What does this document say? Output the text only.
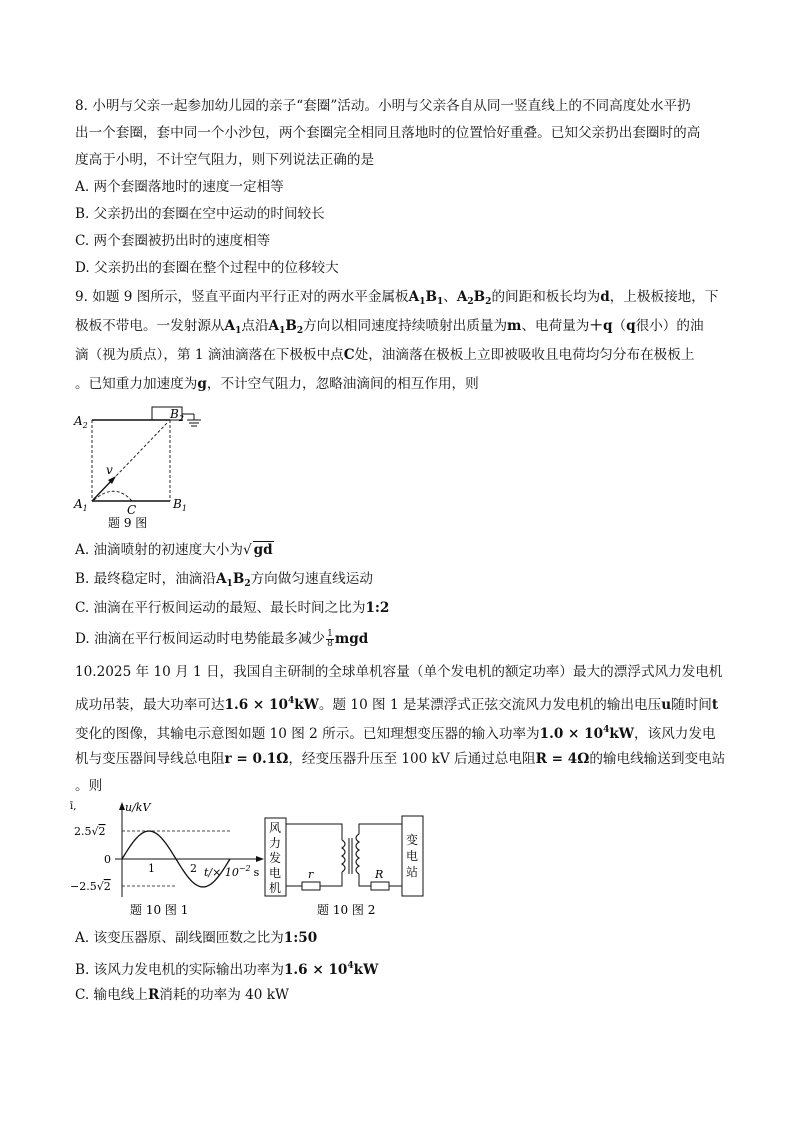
8. 小明与父亲一起参加幼儿园的亲子“套圈”活动。小明与父亲各自从同一竖直线上的不同高度处水平扔
出一个套圈，套中同一个小沙包，两个套圈完全相同且落地时的位置恰好重叠。已知父亲扔出套圈时的高
度高于小明，不计空气阻力，则下列说法正确的是
A. 两个套圈落地时的速度一定相等
B. 父亲扔出的套圈在空中运动的时间较长
C. 两个套圈被扔出时的速度相等
D. 父亲扔出的套圈在整个过程中的位移较大
9. 如题 9 图所示，竖直平面内平行正对的两水平金属板$A_1B_1$、$A_2B_2$的间距和板长均为d，上极板接地，下
极板不带电。一发射源从$A_1$点沿$A_1B_2$方向以相同速度持续喷射出质量为m、电荷量为＋q（q很小）的油
滴（视为质点），第 1 滴油滴落在下极板中点C处，油滴落在极板上立即被吸收且电荷均匀分布在极板上
。已知重力加速度为g，不计空气阻力，忽略油滴间的相互作用，则
$A_2$
$B_2$
$A_1$	$B_1$
C
v
题 9 图
A. 油滴喷射的初速度大小为√ gd
B. 最终稳定时，油滴沿$A_1B_2$方向做匀速直线运动
C. 油滴在平行板间运动的最短、最长时间之比为1:2
D. 油滴在平行板间运动时电势能最多减少 $\frac{1}{8}$ mgd
10.2025 年 10 月 1 日，我国自主研制的全球单机容量（单个发电机的额定功率）最大的漂浮式风力发电机
成功吊装，最大功率可达$1.6 \times 10^4kW$。题 10 图 1 是某漂浮式正弦交流风力发电机的输出电压u随时间t
变化的图像，其输电示意图如题 10 图 2 所示。已知理想变压器的输入功率为$1.0 \times 10^4kW$，该风力发电
机与变压器间导线总电阻r = 0.1Ω，经变压器升压至 100 kV 后通过总电阻R = 4Ω的输电线输送到变电站
。则
ī,	u/kV
2.5√2
0
−2.5√2
1	2 $t/\times 10^{-2}$ s
题 10 图 1
风
力
发
电
机
r	R
变
电
站
题 10 图 2
A. 该变压器原、副线圈匝数之比为1:50
B. 该风力发电机的实际输出功率为$1.6 \times 10^4kW$
C. 输电线上R消耗的功率为 40 kW
